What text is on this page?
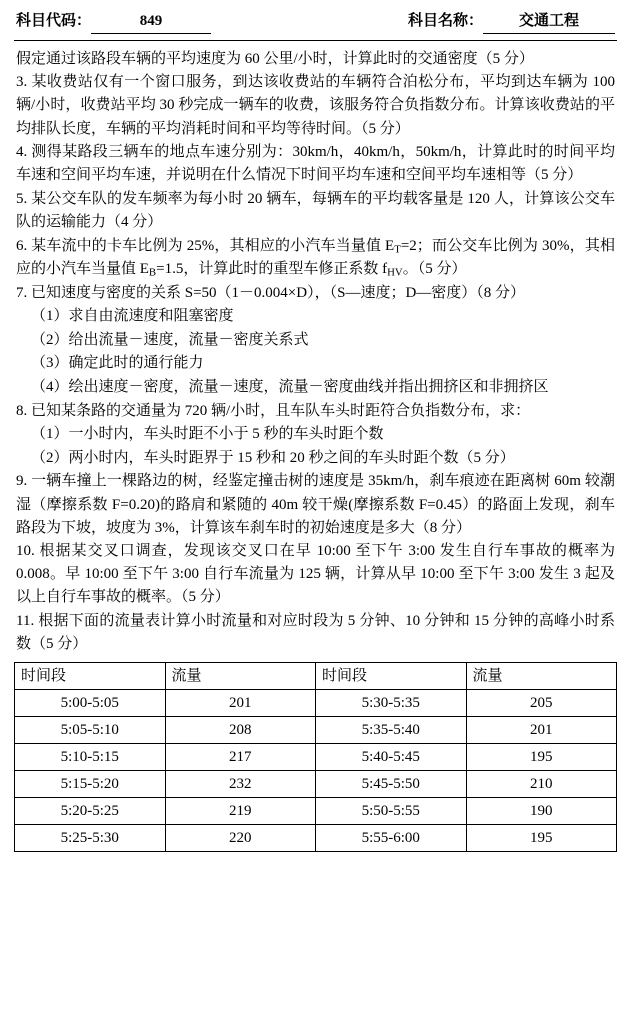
科目代码：	849	科目名称：	交通工程

假定通过该路段车辆的平均速度为 60 公里/小时，计算此时的交通密度（5 分）

3. 某收费站仅有一个窗口服务，到达该收费站的车辆符合泊松分布，平均到达车辆为 100 辆/小时，收费站平均 30 秒完成一辆车的收费，该服务符合负指数分布。计算该收费站的平均排队长度，车辆的平均消耗时间和平均等待时间。（5 分）

4. 测得某路段三辆车的地点车速分别为：30km/h，40km/h，50km/h，计算此时的时间平均车速和空间平均车速，并说明在什么情况下时间平均车速和空间平均车速相等（5 分）

5. 某公交车队的发车频率为每小时 20 辆车，每辆车的平均载客量是 120 人，计算该公交车队的运输能力（4 分）

6. 某车流中的卡车比例为 25%，其相应的小汽车当量值 $E_T=2$；而公交车比例为 30%，其相应的小汽车当量值 $E_B=1.5$，计算此时的重型车修正系数 $f_{HV}$。（5 分）

7. 已知速度与密度的关系 S=50（1－0.004×D），（S—速度；D—密度）（8 分）

（1）求自由流速度和阻塞密度

（2）给出流量－速度，流量－密度关系式

（3）确定此时的通行能力

（4）绘出速度－密度，流量－速度，流量－密度曲线并指出拥挤区和非拥挤区

8. 已知某条路的交通量为 720 辆/小时，且车队车头时距符合负指数分布，求：

（1）一小时内，车头时距不小于 5 秒的车头时距个数

（2）两小时内，车头时距界于 15 秒和 20 秒之间的车头时距个数（5 分）

9. 一辆车撞上一棵路边的树，经鉴定撞击树的速度是 35km/h，刹车痕迹在距离树 60m 较潮湿（摩擦系数 F=0.20)的路肩和紧随的 40m 较干燥(摩擦系数 F=0.45）的路面上发现，刹车路段为下坡，坡度为 3%，计算该车刹车时的初始速度是多大（8 分）

10. 根据某交叉口调查，发现该交叉口在早 10:00 至下午 3:00 发生自行车事故的概率为 0.008。早 10:00 至下午 3:00 自行车流量为 125 辆，计算从早 10:00 至下午 3:00 发生 3 起及以上自行车事故的概率。（5 分）

11. 根据下面的流量表计算小时流量和对应时段为 5 分钟、10 分钟和 15 分钟的高峰小时系数（5 分）

时间段	流量	时间段	流量
5:00-5:05	201	5:30-5:35	205
5:05-5:10	208	5:35-5:40	201
5:10-5:15	217	5:40-5:45	195
5:15-5:20	232	5:45-5:50	210
5:20-5:25	219	5:50-5:55	190
5:25-5:30	220	5:55-6:00	195
